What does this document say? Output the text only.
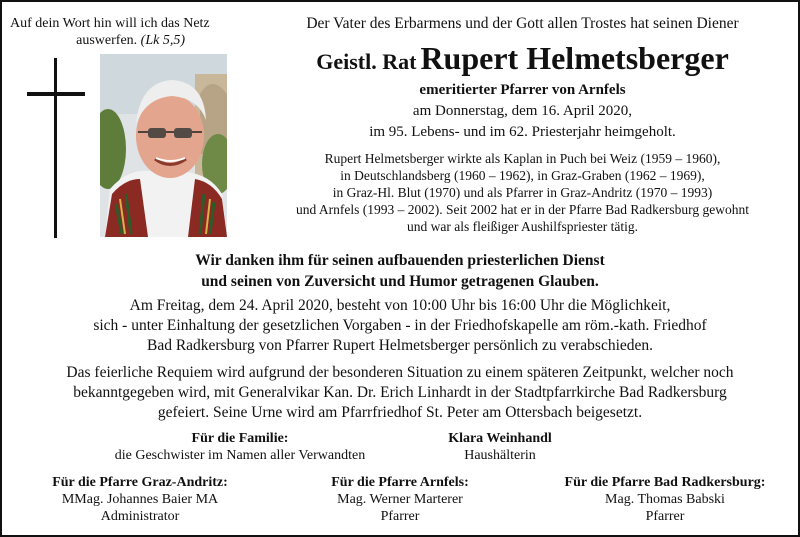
Auf dein Wort hin will ich das Netz
auswerfen. (Lk 5,5)
Der Vater des Erbarmens und der Gott allen Trostes hat seinen Diener
Geistl. Rat Rupert Helmetsberger
emeritierter Pfarrer von Arnfels
am Donnerstag, dem 16. April 2020,
im 95. Lebens- und im 62. Priesterjahr heimgeholt.
Rupert Helmetsberger wirkte als Kaplan in Puch bei Weiz (1959 – 1960),
in Deutschlandsberg (1960 – 1962), in Graz-Graben (1962 – 1969),
in Graz-Hl. Blut (1970) und als Pfarrer in Graz-Andritz (1970 – 1993)
und Arnfels (1993 – 2002). Seit 2002 hat er in der Pfarre Bad Radkersburg gewohnt
und war als fleißiger Aushilfspriester tätig.
Wir danken ihm für seinen aufbauenden priesterlichen Dienst
und seinen von Zuversicht und Humor getragenen Glauben.
Am Freitag, dem 24. April 2020, besteht von 10:00 Uhr bis 16:00 Uhr die Möglichkeit,
sich - unter Einhaltung der gesetzlichen Vorgaben - in der Friedhofskapelle am röm.-kath. Friedhof
Bad Radkersburg von Pfarrer Rupert Helmetsberger persönlich zu verabschieden.
Das feierliche Requiem wird aufgrund der besonderen Situation zu einem späteren Zeitpunkt, welcher noch
bekanntgegeben wird, mit Generalvikar Kan. Dr. Erich Linhardt in der Stadtpfarrkirche Bad Radkersburg
gefeiert. Seine Urne wird am Pfarrfriedhof St. Peter am Ottersbach beigesetzt.
Für die Familie:
die Geschwister im Namen aller Verwandten
Klara Weinhandl
Haushälterin
Für die Pfarre Graz-Andritz:
MMag. Johannes Baier MA
Administrator
Für die Pfarre Arnfels:
Mag. Werner Marterer
Pfarrer
Für die Pfarre Bad Radkersburg:
Mag. Thomas Babski
Pfarrer
